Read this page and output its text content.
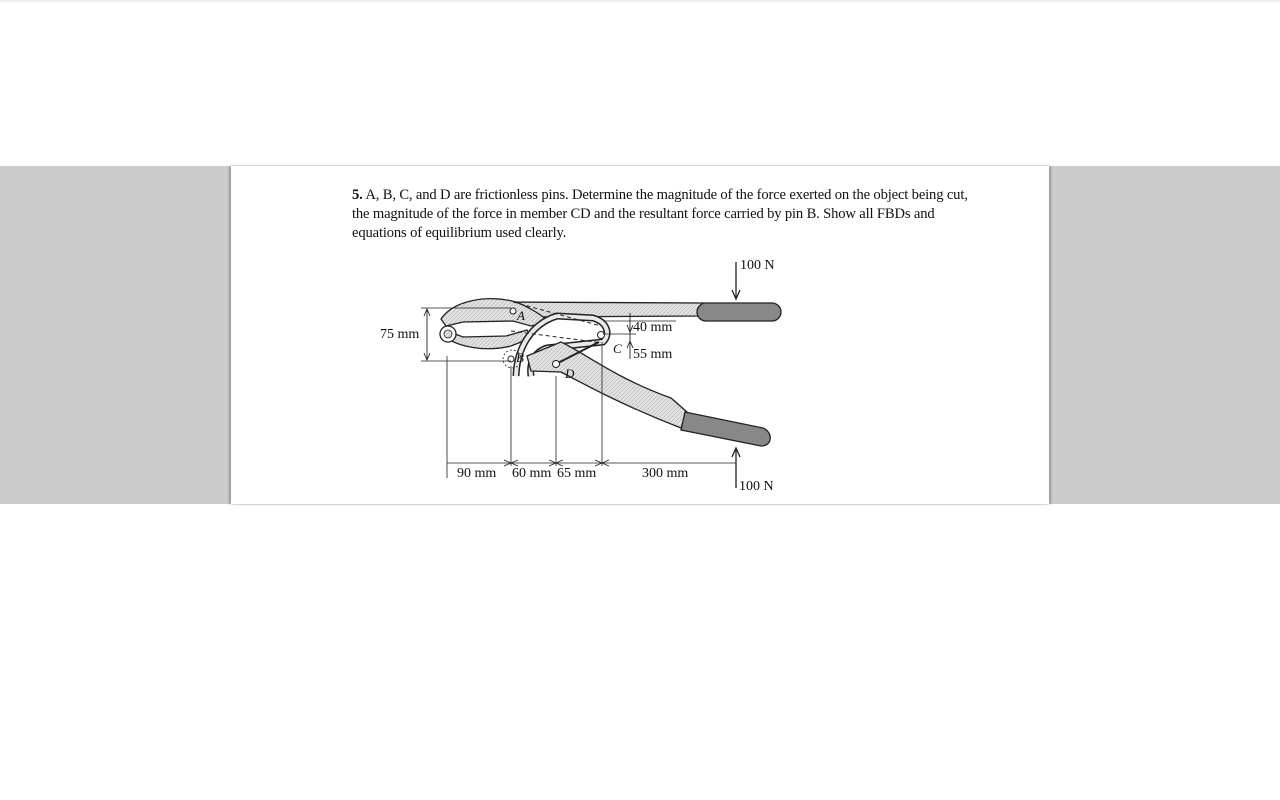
5. A, B, C, and D are frictionless pins. Determine the magnitude of the force exerted on the object being cut, the magnitude of the force in member CD and the resultant force carried by pin B. Show all FBDs and equations of equilibrium used clearly.

A
B
C
D
100 N
100 N
75 mm	40 mm
55 mm
90 mm 60 mm 65 mm	300 mm
